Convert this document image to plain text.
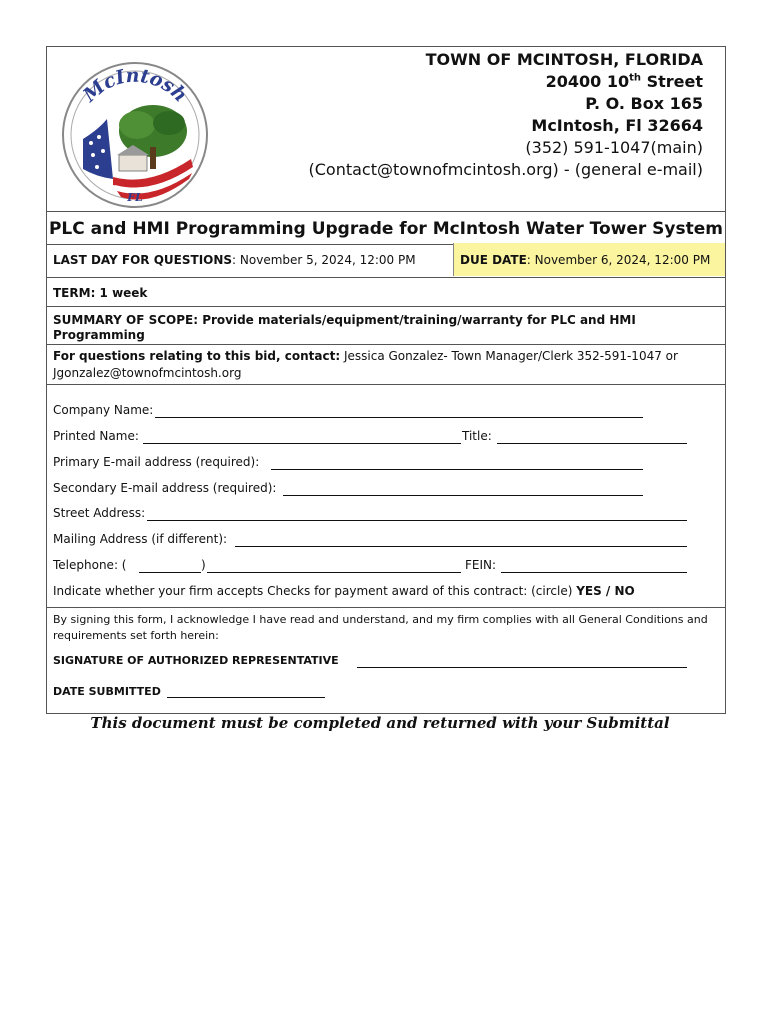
McIntosh
FL
TOWN OF MCINTOSH, FLORIDA
20400 10th Street
P. O. Box 165
McIntosh, Fl 32664
(352) 591-1047(main)
(Contact@townofmcintosh.org) - (general e-mail)
PLC and HMI Programming Upgrade for McIntosh Water Tower System
LAST DAY FOR QUESTIONS: November 5, 2024, 12:00 PM	DUE DATE: November 6, 2024, 12:00 PM
TERM: 1 week
SUMMARY OF SCOPE: Provide materials/equipment/training/warranty for PLC and HMI
Programming
For questions relating to this bid, contact: Jessica Gonzalez- Town Manager/Clerk 352-591-1047 or
Jgonzalez@townofmcintosh.org
Company Name:
Printed Name:	Title:
Primary E-mail address (required):
Secondary E-mail address (required):
Street Address:
Mailing Address (if different):
Telephone: (	)	FEIN:
Indicate whether your firm accepts Checks for payment award of this contract: (circle) YES / NO
By signing this form, I acknowledge I have read and understand, and my firm complies with all General Conditions and requirements set forth herein:
SIGNATURE OF AUTHORIZED REPRESENTATIVE
DATE SUBMITTED
This document must be completed and returned with your Submittal
